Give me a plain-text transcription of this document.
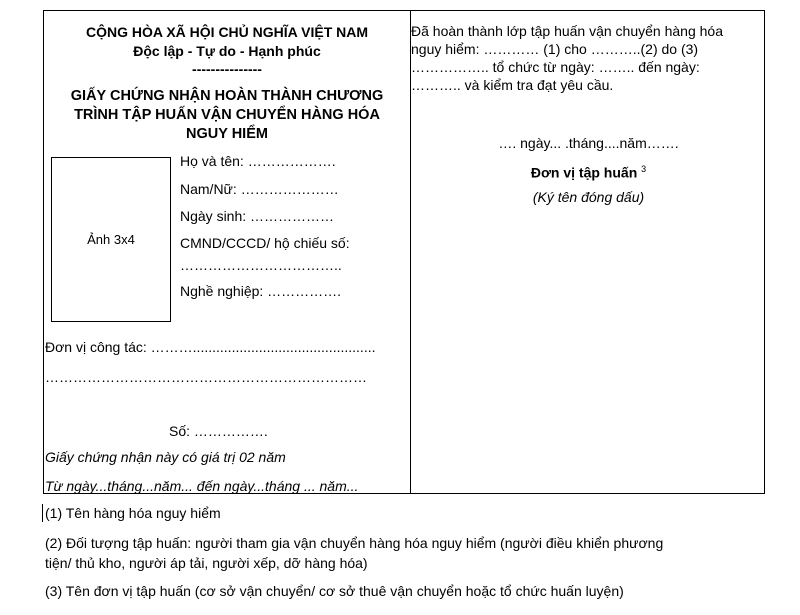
CỘNG HÒA XÃ HỘI CHỦ NGHĨA VIỆT NAM
Độc lập - Tự do - Hạnh phúc
---------------
GIẤY CHỨNG NHẬN HOÀN THÀNH CHƯƠNG
TRÌNH TẬP HUẤN VẬN CHUYỂN HÀNG HÓA
NGUY HIỂM
Ảnh 3x4
Họ và tên: ……………….
Nam/Nữ: …………………
Ngày sinh: ………………
CMND/CCCD/ hộ chiếu số:
……………………………..
Nghề nghiệp: …………….
Đơn vị công tác: ………...............................................
……………………………………………………………
Số: …………….
Giấy chứng nhận này có giá trị 02 năm
Từ ngày...tháng...năm... đến ngày...tháng ... năm...
Đã hoàn thành lớp tập huấn vận chuyển hàng hóa
nguy hiểm: ………… (1) cho ………..(2) do (3)
…………….. tổ chức từ ngày: …….. đến ngày:
……….. và kiểm tra đạt yêu cầu.
…. ngày... .tháng....năm…….
Đơn vị tập huấn $^3$
(Ký tên đóng dấu)
(1) Tên hàng hóa nguy hiểm
(2) Đối tượng tập huấn: người tham gia vận chuyển hàng hóa nguy hiểm (người điều khiển phương
tiện/ thủ kho, người áp tải, người xếp, dỡ hàng hóa)
(3) Tên đơn vị tập huấn (cơ sở vận chuyển/ cơ sở thuê vận chuyển hoặc tổ chức huấn luyện)
